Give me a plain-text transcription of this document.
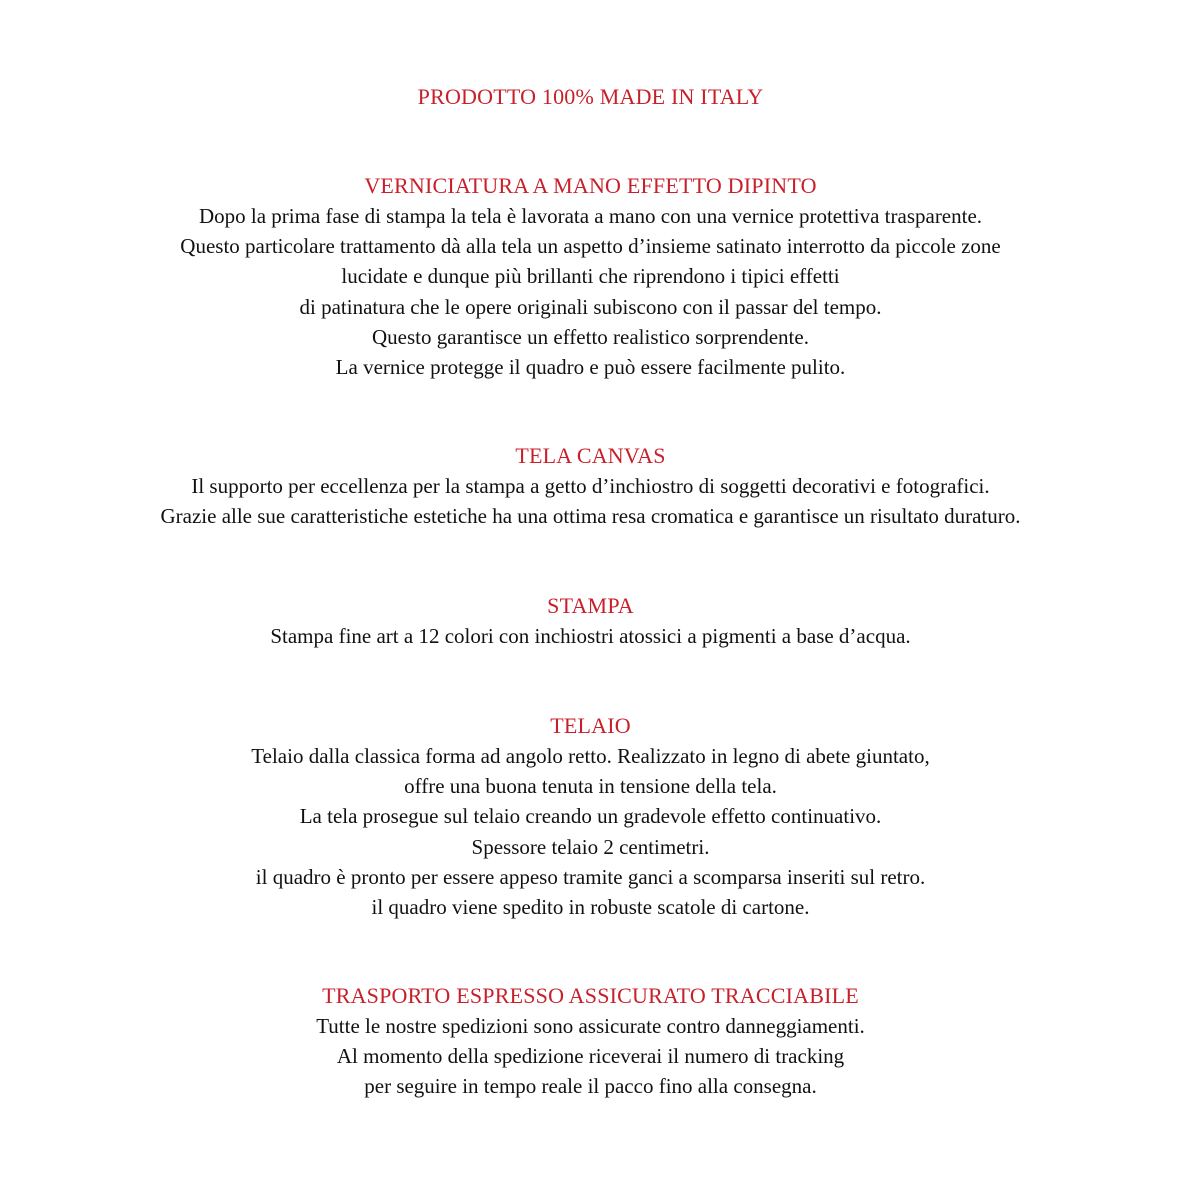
PRODOTTO 100% MADE IN ITALY
VERNICIATURA A MANO EFFETTO DIPINTO
Dopo la prima fase di stampa la tela è lavorata a mano con una vernice protettiva trasparente.
Questo particolare trattamento dà alla tela un aspetto d’insieme satinato interrotto da piccole zone
lucidate e dunque più brillanti che riprendono i tipici effetti
di patinatura che le opere originali subiscono con il passar del tempo.
Questo garantisce un effetto realistico sorprendente.
La vernice protegge il quadro e può essere facilmente pulito.
TELA CANVAS
Il supporto per eccellenza per la stampa a getto d’inchiostro di soggetti decorativi e fotografici.
Grazie alle sue caratteristiche estetiche ha una ottima resa cromatica e garantisce un risultato duraturo.
STAMPA
Stampa fine art a 12 colori con inchiostri atossici a pigmenti a base d’acqua.
TELAIO
Telaio dalla classica forma ad angolo retto. Realizzato in legno di abete giuntato,
offre una buona tenuta in tensione della tela.
La tela prosegue sul telaio creando un gradevole effetto continuativo.
Spessore telaio 2 centimetri.
il quadro è pronto per essere appeso tramite ganci a scomparsa inseriti sul retro.
il quadro viene spedito in robuste scatole di cartone.
TRASPORTO ESPRESSO ASSICURATO TRACCIABILE
Tutte le nostre spedizioni sono assicurate contro danneggiamenti.
Al momento della spedizione riceverai il numero di tracking
per seguire in tempo reale il pacco fino alla consegna.
